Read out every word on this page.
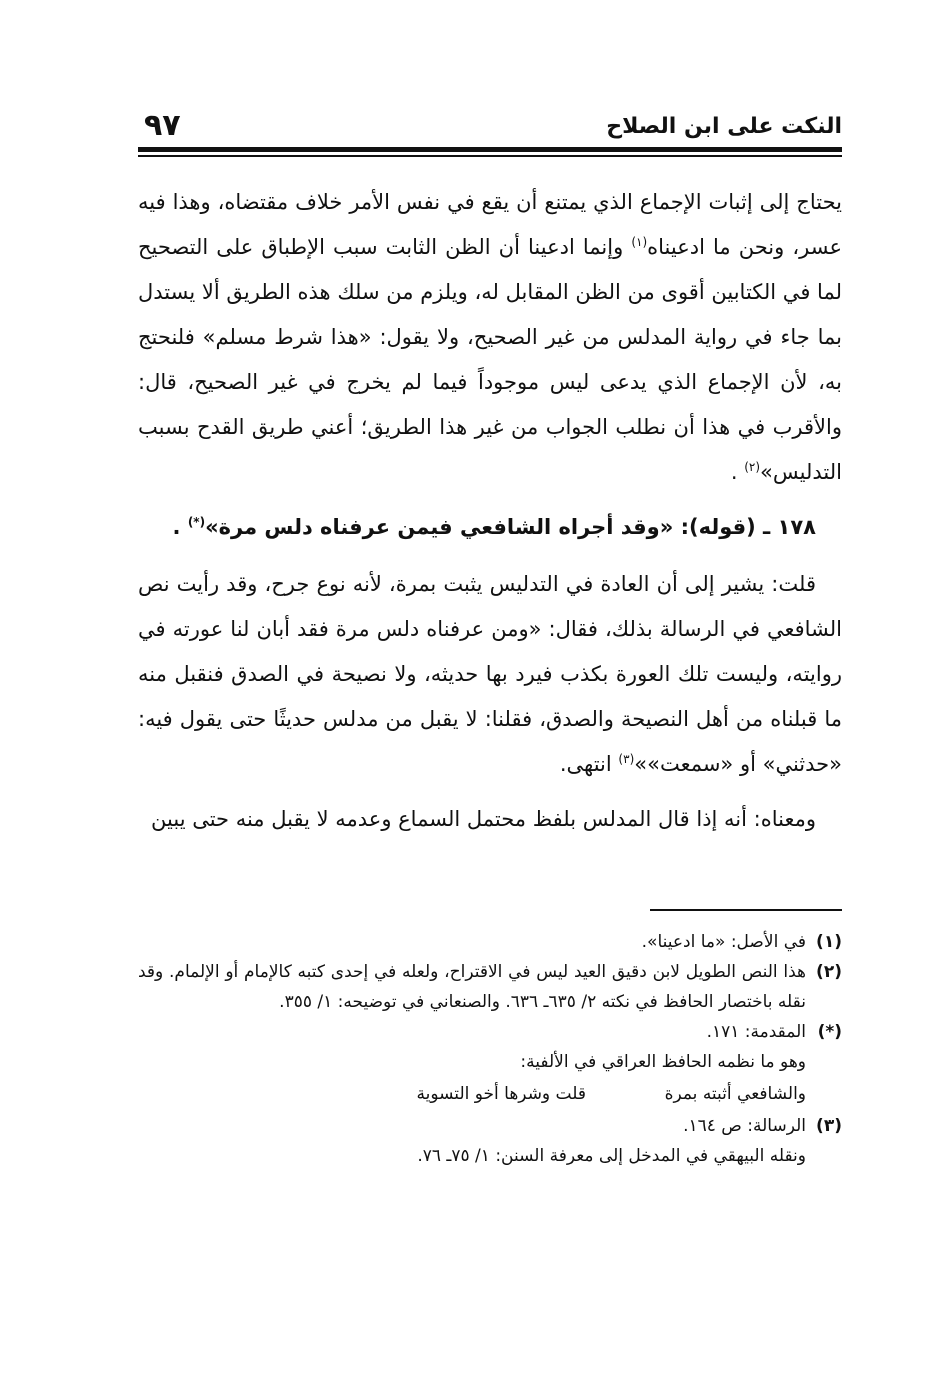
النكت على ابن الصلاح
٩٧

يحتاج إلى إثبات الإجماع الذي يمتنع أن يقع في نفس الأمر خلاف مقتضاه، وهذا فيه عسر، ونحن ما ادعيناه$^{(١)}$ وإنما ادعينا أن الظن الثابت سبب الإطباق على التصحيح لما في الكتابين أقوى من الظن المقابل له، ويلزم من سلك هذه الطريق ألا يستدل بما جاء في رواية المدلس من غير الصحيح، ولا يقول: «هذا شرط مسلم» فلنحتج به، لأن الإجماع الذي يدعى ليس موجوداً فيما لم يخرج في غير الصحيح، قال: والأقرب في هذا أن نطلب الجواب من غير هذا الطريق؛ أعني طريق القدح بسبب التدليس»$^{(٢)}$ .

١٧٨ ـ (قوله): «وقد أجراه الشافعي فيمن عرفناه دلس مرة»(*) .

قلت: يشير إلى أن العادة في التدليس يثبت بمرة، لأنه نوع جرح، وقد رأيت نص الشافعي في الرسالة بذلك، فقال: «ومن عرفناه دلس مرة فقد أبان لنا عورته في روايته، وليست تلك العورة بكذب فيرد بها حديثه، ولا نصيحة في الصدق فنقبل منه ما قبلناه من أهل النصيحة والصدق، فقلنا: لا يقبل من مدلس حديثًا حتى يقول فيه: «حدثني» أو «سمعت»»$^{(٣)}$ انتهى.

ومعناه: أنه إذا قال المدلس بلفظ محتمل السماع وعدمه لا يقبل منه حتى يبين

(١)
في الأصل: «ما ادعينا».
(٢)
هذا النص الطويل لابن دقيق العيد ليس في الاقتراح، ولعله في إحدى كتبه كالإمام أو الإلمام. وقد نقله باختصار الحافظ في نكته ٢/ ٦٣٥ـ ٦٣٦. والصنعاني في توضيحه: ١/ ٣٥٥.
(*)
المقدمة: ١٧١.

وهو ما نظمه الحافظ العراقي في الألفية:

والشافعي أثبته بمرة
قلت وشرها أخو التسوية
(٣)
الرسالة: ص ١٦٤.

ونقله البيهقي في المدخل إلى معرفة السنن: ١/ ٧٥ـ ٧٦.
